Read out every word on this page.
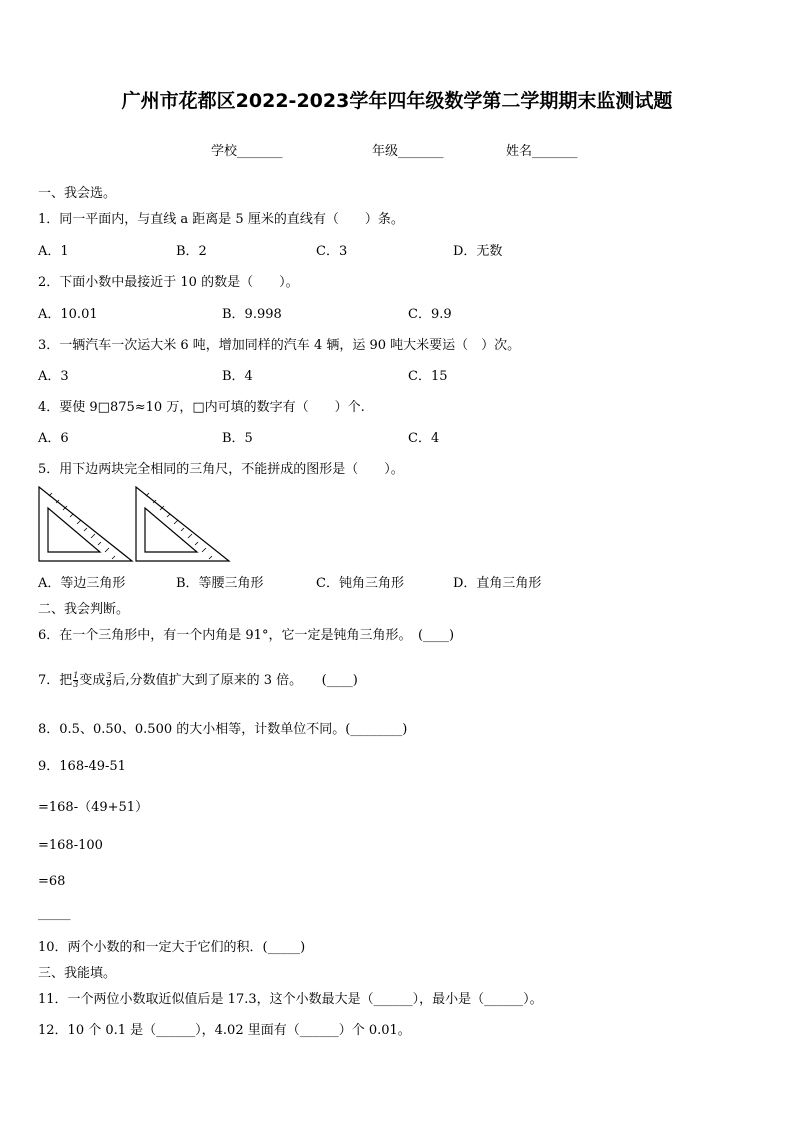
广州市花都区2022-2023学年四年级数学第二学期期末监测试题
学校_______	年级_______	姓名_______
一、我会选。
1．同一平面内，与直线 a 距离是 5 厘米的直线有（　　）条。
A．1	B．2	C．3	D．无数
2．下面小数中最接近于 10 的数是（　　）。
A．10.01	B．9.998	C．9.9
3．一辆汽车一次运大米 6 吨，增加同样的汽车 4 辆，运 90 吨大米要运（　）次。
A．3	B．4	C．15
4．要使 9□875≈10 万，□内可填的数字有（　　）个.
A．6	B．5	C．4
5．用下边两块完全相同的三角尺，不能拼成的图形是（　　）。
A．等边三角形	B．等腰三角形	C．钝角三角形	D．直角三角形
二、我会判断。
6．在一个三角形中，有一个内角是 91°，它一定是钝角三角形。　(____)
7．把 $\frac{1}{3}$ 变成 $\frac{3}{9}$ 后,分数值扩大到了原来的 3 倍。　　(____)
8．0.5、0.50、0.500 的大小相等，计数单位不同。(________)
9．168-49-51
=168-（49+51）
=168-100
=68
_____
10．两个小数的和一定大于它们的积．(_____)
三、我能填。
11．一个两位小数取近似值后是 17.3，这个小数最大是（______），最小是（______）。
12．10 个 0.1 是（______），4.02 里面有（______）个 0.01。
